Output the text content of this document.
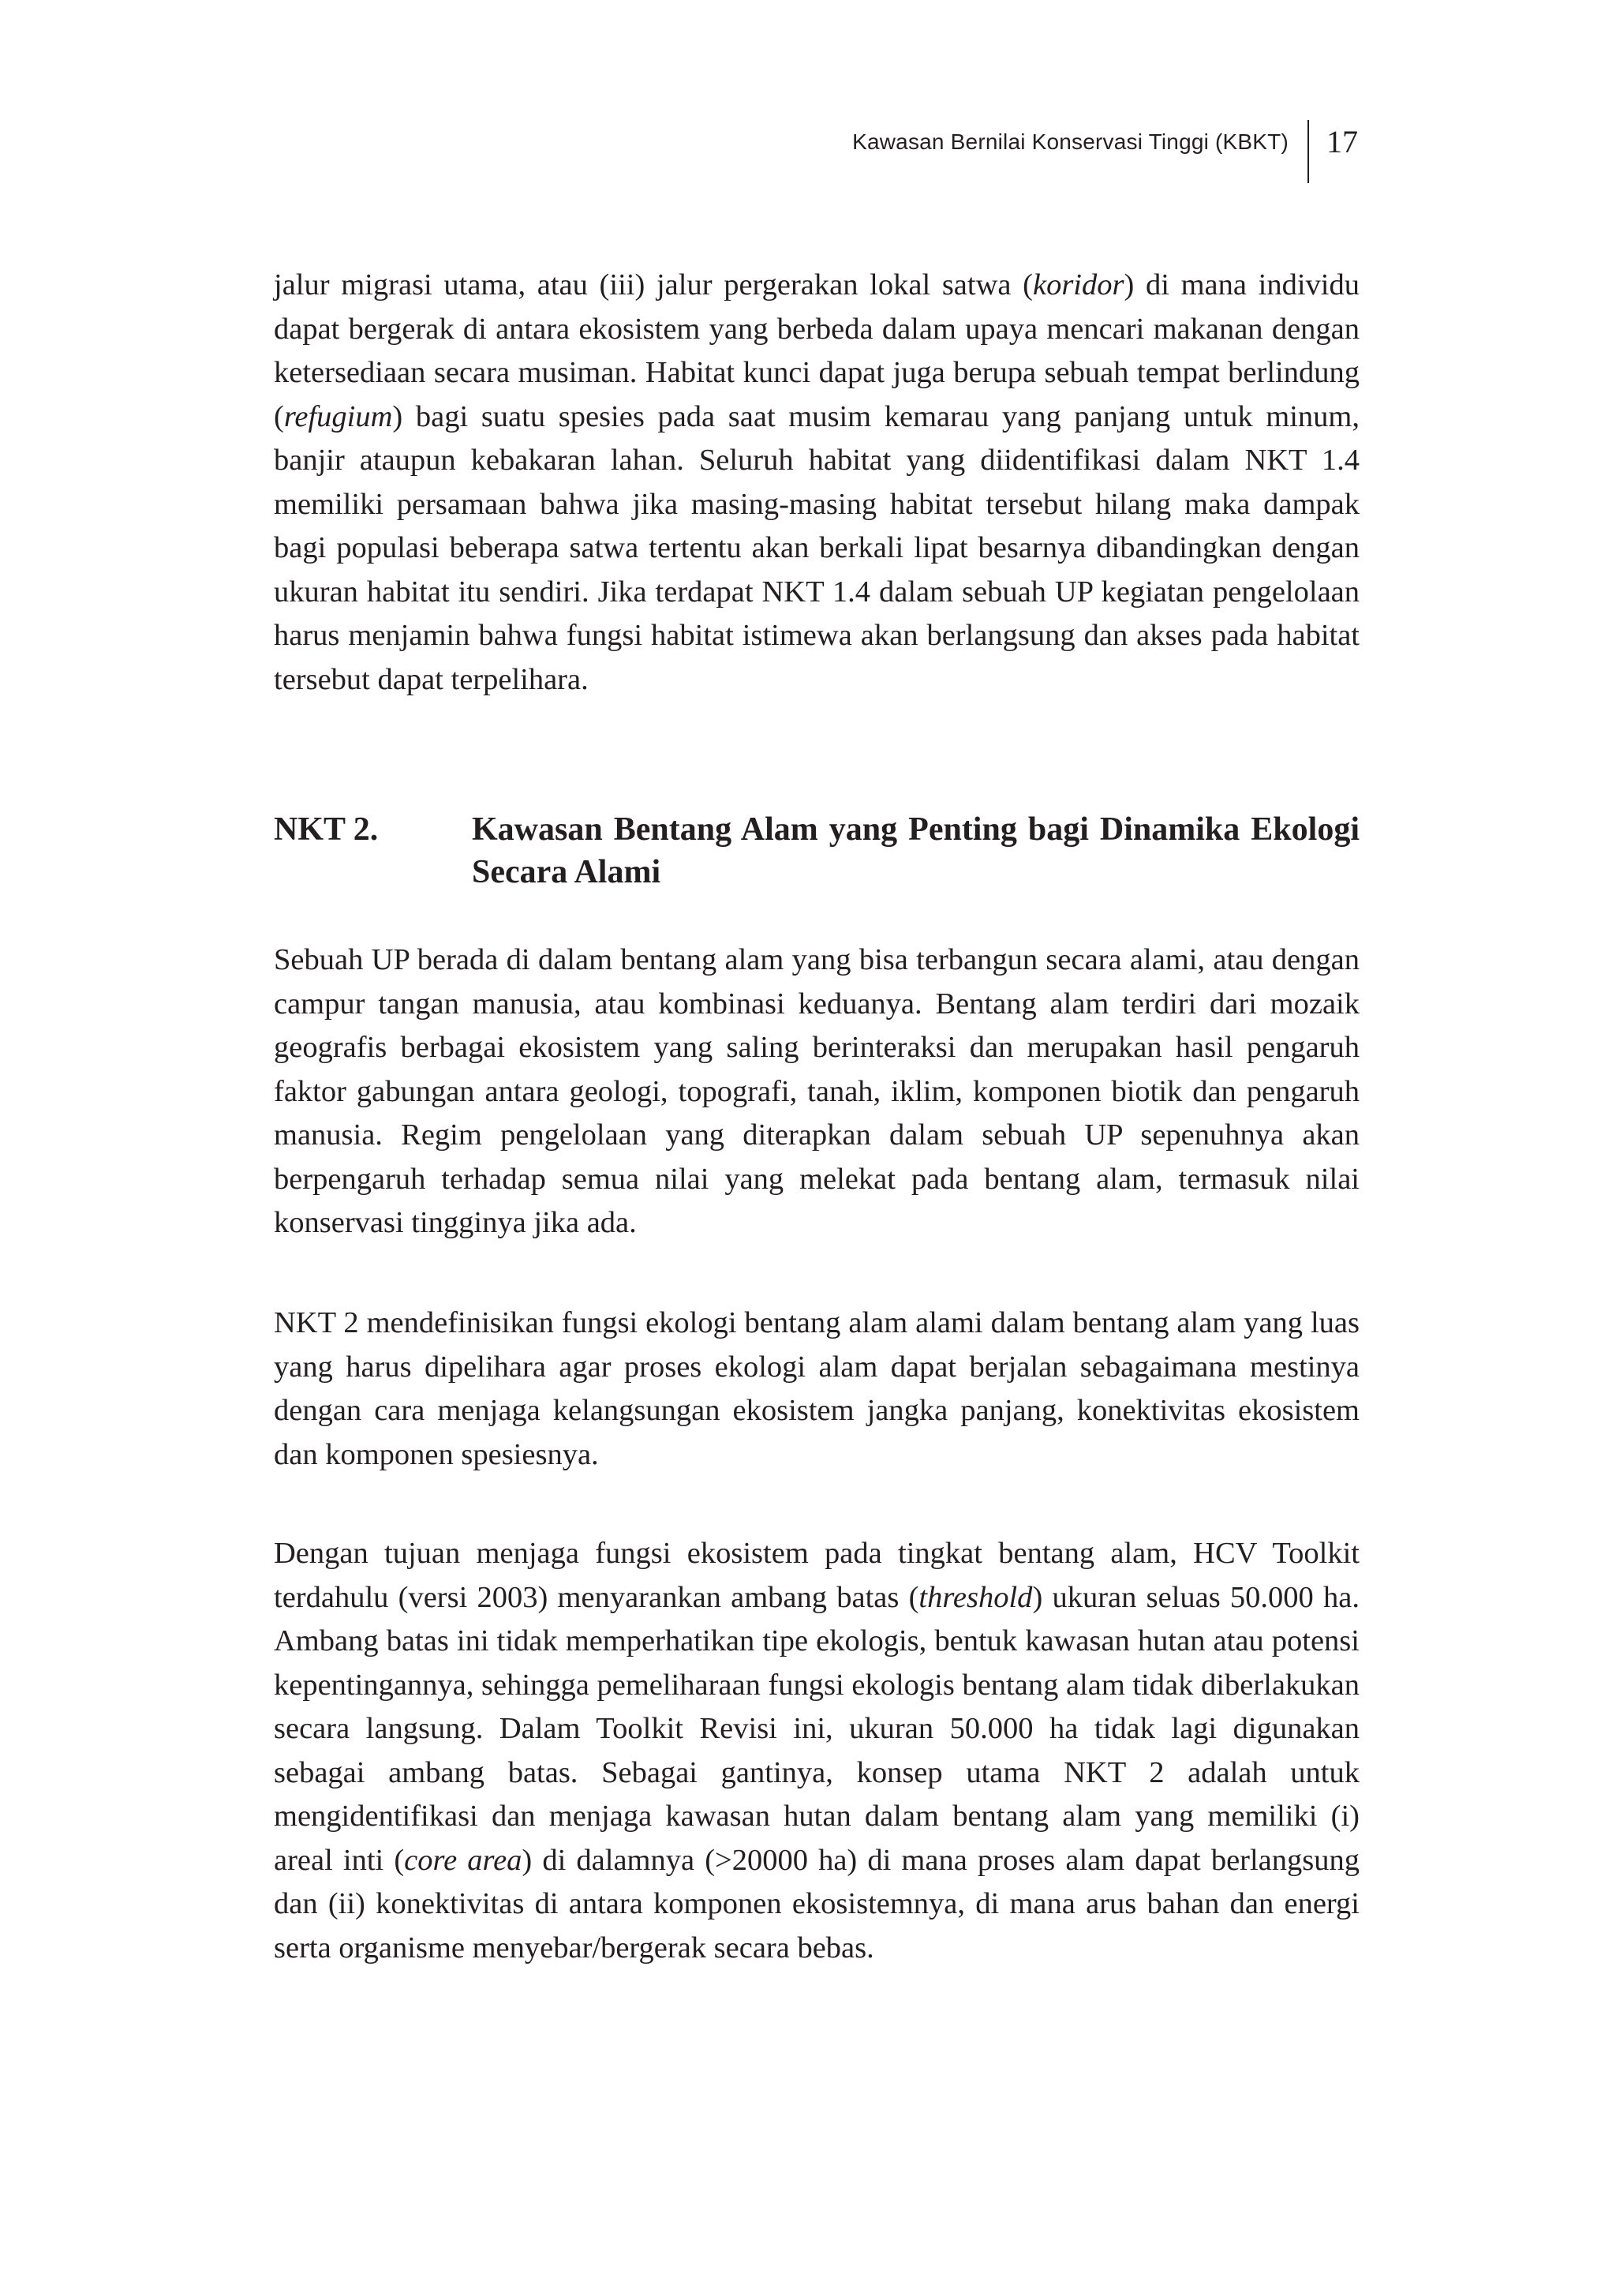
Kawasan Bernilai Konservasi Tinggi (KBKT) 17

jalur migrasi utama, atau (iii) jalur pergerakan lokal satwa (koridor) di mana individu dapat bergerak di antara ekosistem yang berbeda dalam upaya mencari makanan dengan ketersediaan secara musiman. Habitat kunci dapat juga berupa sebuah tempat berlindung (refugium) bagi suatu spesies pada saat musim kemarau yang panjang untuk minum, banjir ataupun kebakaran lahan. Seluruh habitat yang diidentifikasi dalam NKT 1.4 memiliki persamaan bahwa jika masing-masing habitat tersebut hilang maka dampak bagi populasi beberapa satwa tertentu akan berkali lipat besarnya dibandingkan dengan ukuran habitat itu sendiri. Jika terdapat NKT 1.4 dalam sebuah UP kegiatan pengelolaan harus menjamin bahwa fungsi habitat istimewa akan berlangsung dan akses pada habitat tersebut dapat terpelihara.

NKT 2.	Kawasan Bentang Alam yang Penting bagi Dinamika Ekologi Secara Alami

Sebuah UP berada di dalam bentang alam yang bisa terbangun secara alami, atau dengan campur tangan manusia, atau kombinasi keduanya. Bentang alam terdiri dari mozaik geografis berbagai ekosistem yang saling berinteraksi dan merupakan hasil pengaruh faktor gabungan antara geologi, topografi, tanah, iklim, komponen biotik dan pengaruh manusia. Regim pengelolaan yang diterapkan dalam sebuah UP sepenuhnya akan berpengaruh terhadap semua nilai yang melekat pada bentang alam, termasuk nilai konservasi tingginya jika ada.

NKT 2 mendefinisikan fungsi ekologi bentang alam alami dalam bentang alam yang luas yang harus dipelihara agar proses ekologi alam dapat berjalan sebagaimana mestinya dengan cara menjaga kelangsungan ekosistem jangka panjang, konektivitas ekosistem dan komponen spesiesnya.

Dengan tujuan menjaga fungsi ekosistem pada tingkat bentang alam, HCV Toolkit terdahulu (versi 2003) menyarankan ambang batas (threshold) ukuran seluas 50.000 ha. Ambang batas ini tidak memperhatikan tipe ekologis, bentuk kawasan hutan atau potensi kepentingannya, sehingga pemeliharaan fungsi ekologis bentang alam tidak diberlakukan secara langsung. Dalam Toolkit Revisi ini, ukuran 50.000 ha tidak lagi digunakan sebagai ambang batas. Sebagai gantinya, konsep utama NKT 2 adalah untuk mengidentifikasi dan menjaga kawasan hutan dalam bentang alam yang memiliki (i) areal inti (core area) di dalamnya (>20000 ha) di mana proses alam dapat berlangsung dan (ii) konektivitas di antara komponen ekosistemnya, di mana arus bahan dan energi serta organisme menyebar/bergerak secara bebas.
